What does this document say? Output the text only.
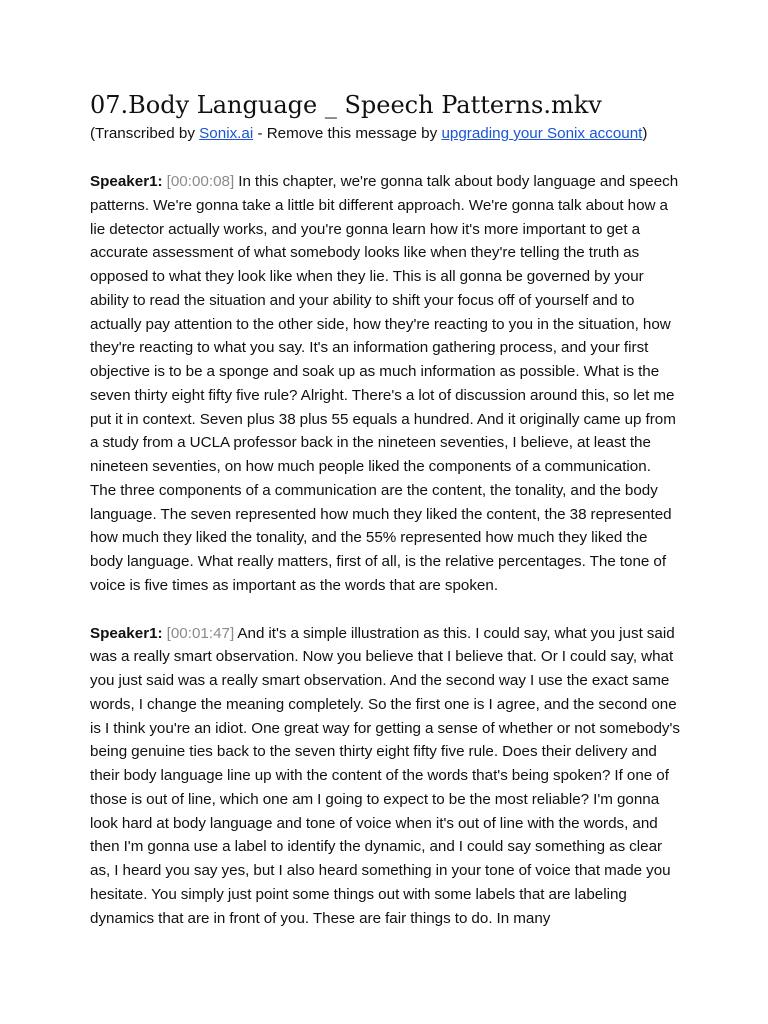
07.Body Language _ Speech Patterns.mkv

(Transcribed by Sonix.ai - Remove this message by upgrading your Sonix account)

Speaker1: [00:00:08] In this chapter, we're gonna talk about body language and speech patterns. We're gonna take a little bit different approach. We're gonna talk about how a lie detector actually works, and you're gonna learn how it's more important to get a accurate assessment of what somebody looks like when they're telling the truth as opposed to what they look like when they lie. This is all gonna be governed by your ability to read the situation and your ability to shift your focus off of yourself and to actually pay attention to the other side, how they're reacting to you in the situation, how they're reacting to what you say. It's an information gathering process, and your first objective is to be a sponge and soak up as much information as possible. What is the seven thirty eight fifty five rule? Alright. There's a lot of discussion around this, so let me put it in context. Seven plus 38 plus 55 equals a hundred. And it originally came up from a study from a UCLA professor back in the nineteen seventies, I believe, at least the nineteen seventies, on how much people liked the components of a communication. The three components of a communication are the content, the tonality, and the body language. The seven represented how much they liked the content, the 38 represented how much they liked the tonality, and the 55% represented how much they liked the body language. What really matters, first of all, is the relative percentages. The tone of voice is five times as important as the words that are spoken.

Speaker1: [00:01:47] And it's a simple illustration as this. I could say, what you just said was a really smart observation. Now you believe that I believe that. Or I could say, what you just said was a really smart observation. And the second way I use the exact same words, I change the meaning completely. So the first one is I agree, and the second one is I think you're an idiot. One great way for getting a sense of whether or not somebody's being genuine ties back to the seven thirty eight fifty five rule. Does their delivery and their body language line up with the content of the words that's being spoken? If one of those is out of line, which one am I going to expect to be the most reliable? I'm gonna look hard at body language and tone of voice when it's out of line with the words, and then I'm gonna use a label to identify the dynamic, and I could say something as clear as, I heard you say yes, but I also heard something in your tone of voice that made you hesitate. You simply just point some things out with some labels that are labeling dynamics that are in front of you. These are fair things to do. In many
